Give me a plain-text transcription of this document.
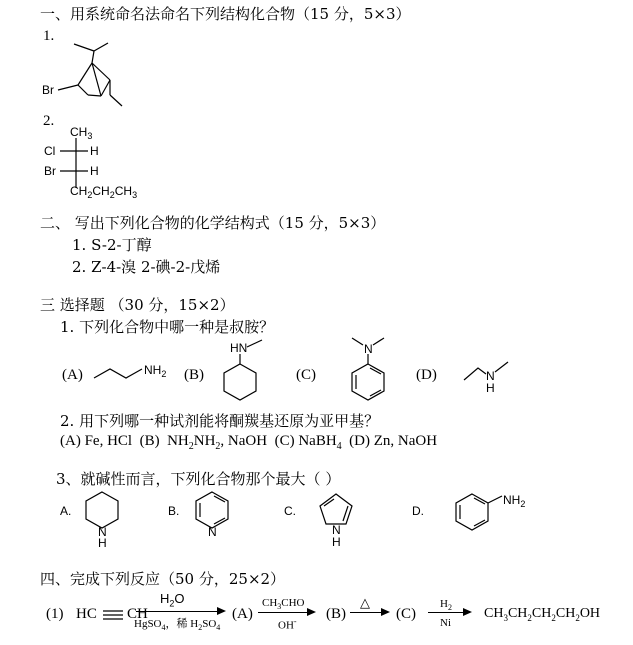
一、用系统命名法命名下列结构化合物（15 分，5×3）
1.
Br
2.
$CH_3$
Cl	H
Br	H
$CH_2CH_2CH_3$
二、 写出下列化合物的化学结构式（15 分，5×3）
1. S-2-丁醇
2. Z-4-溴 2-碘-2-戊烯
三 选择题 （30 分，15×2）
1. 下列化合物中哪一种是叔胺？
(A)	$NH_2$ (B)
HN
(C)
N
(D)	N
H
2. 用下列哪一种试剂能将酮羰基还原为亚甲基？
(A) Fe, HCl  (B)  $NH_2NH_2$, NaOH  (C) NaBH$_4$  (D) Zn, NaOH
3、就碱性而言，下列化合物那个最大（ ）
A.
N
H
B.
N
C.
N
H
D.
$NH_2$
四、完成下列反应（50 分，25×2）
(1) HC CH
$H_2O$
HgSO$_4$，稀 $H_2SO_4$
(A)
$CH_3CHO$
OH- (B)
△
(C)
$H_2$
Ni
$CH_3CH_2CH_2CH_2OH$
